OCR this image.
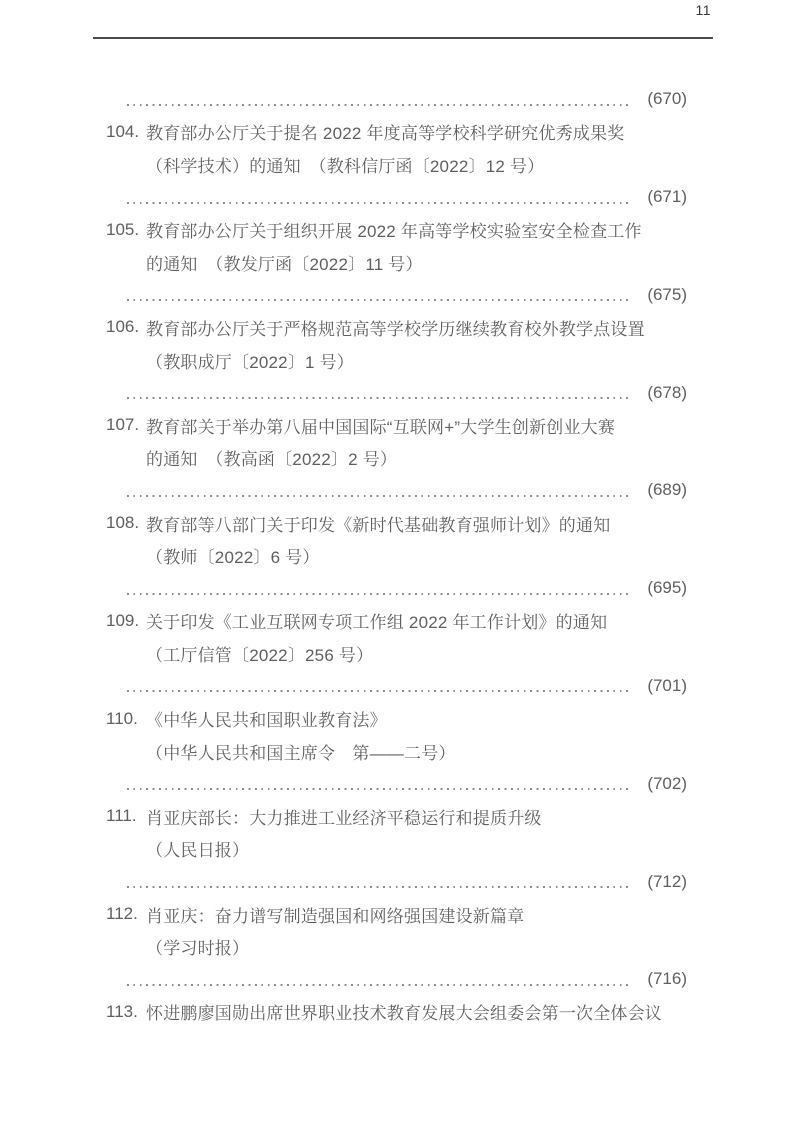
11
(670)
104. 教育部办公厅关于提名 2022 年度高等学校科学研究优秀成果奖
（科学技术）的通知　（教科信厅函〔2022〕12 号）
(671)
105. 教育部办公厅关于组织开展 2022 年高等学校实验室安全检查工作
的通知　（教发厅函〔2022〕11 号）
(675)
106. 教育部办公厅关于严格规范高等学校学历继续教育校外教学点设置
（教职成厅〔2022〕1 号）
(678)
107. 教育部关于举办第八届中国国际“互联网+”大学生创新创业大赛
的通知　（教高函〔2022〕2 号）
(689)
108. 教育部等八部门关于印发《新时代基础教育强师计划》的通知
（教师〔2022〕6 号）
(695)
109. 关于印发《工业互联网专项工作组 2022 年工作计划》的通知
（工厅信管〔2022〕256 号）
(701)
110. 《中华人民共和国职业教育法》
（中华人民共和国主席令　第——二号）
(702)
111. 肖亚庆部长：大力推进工业经济平稳运行和提质升级
（人民日报）
(712)
112. 肖亚庆：奋力谱写制造强国和网络强国建设新篇章
（学习时报）
(716)
113. 怀进鹏廖国勋出席世界职业技术教育发展大会组委会第一次全体会议
